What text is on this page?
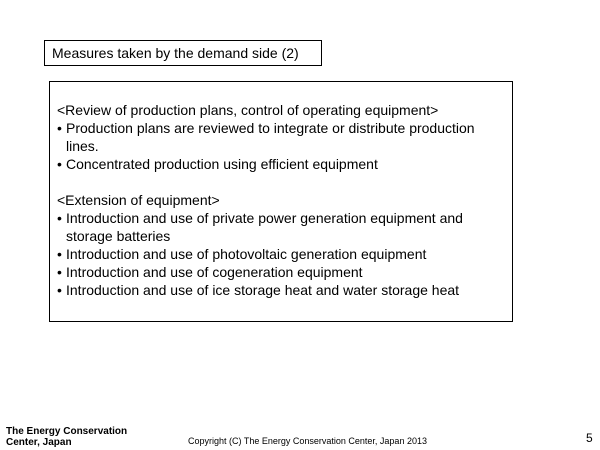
Measures taken by the demand side (2)

<Review of production plans, control of operating equipment>

• Production plans are reviewed to integrate or distribute production lines.
• Concentrated production using efficient equipment

<Extension of equipment>

• Introduction and use of private power generation equipment and storage batteries
• Introduction and use of photovoltaic generation equipment
• Introduction and use of cogeneration equipment
• Introduction and use of ice storage heat and water storage heat
The Energy Conservation
Center, Japan	Copyright (C) The Energy Conservation Center, Japan 2013	5
